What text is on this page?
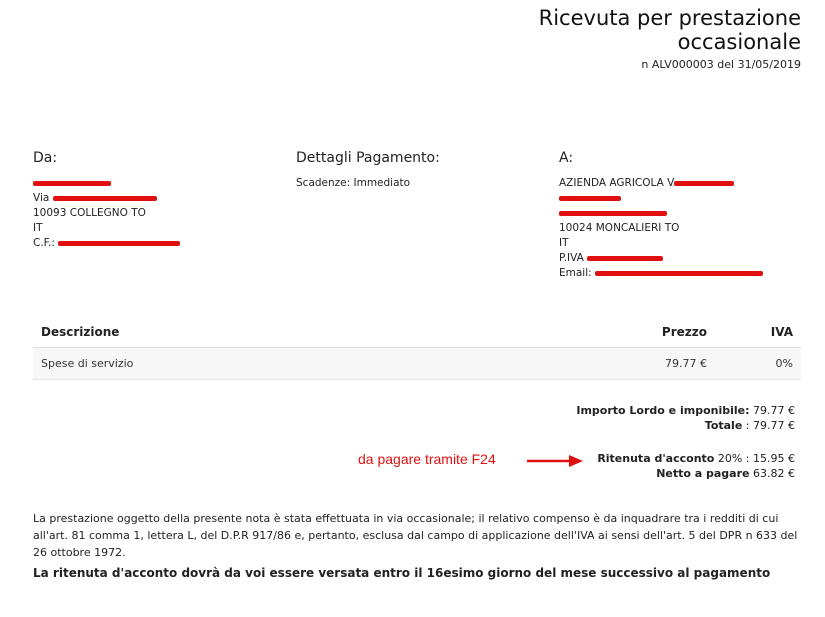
Ricevuta per prestazione occasionale
n ALV000003 del 31/05/2019
Da:
Via
10093 COLLEGNO TO
IT
C.F.:
Dettagli Pagamento:
Scadenze: Immediato
A:
AZIENDA AGRICOLA V
10024 MONCALIERI TO
IT
P.IVA
Email:
Descrizione	Prezzo	IVA
Spese di servizio	79.77 €	0%
Importo Lordo e imponibile: 79.77 €
Totale : 79.77 €
Ritenuta d'acconto 20% : 15.95 €
Netto a pagare 63.82 €
da pagare tramite F24
La prestazione oggetto della presente nota è stata effettuata in via occasionale; il relativo compenso è da inquadrare tra i redditi di cui all'art. 81 comma 1, lettera L, del D.P.R 917/86 e, pertanto, esclusa dal campo di applicazione dell'IVA ai sensi dell'art. 5 del DPR n 633 del 26 ottobre 1972.
La ritenuta d'acconto dovrà da voi essere versata entro il 16esimo giorno del mese successivo al pagamento
